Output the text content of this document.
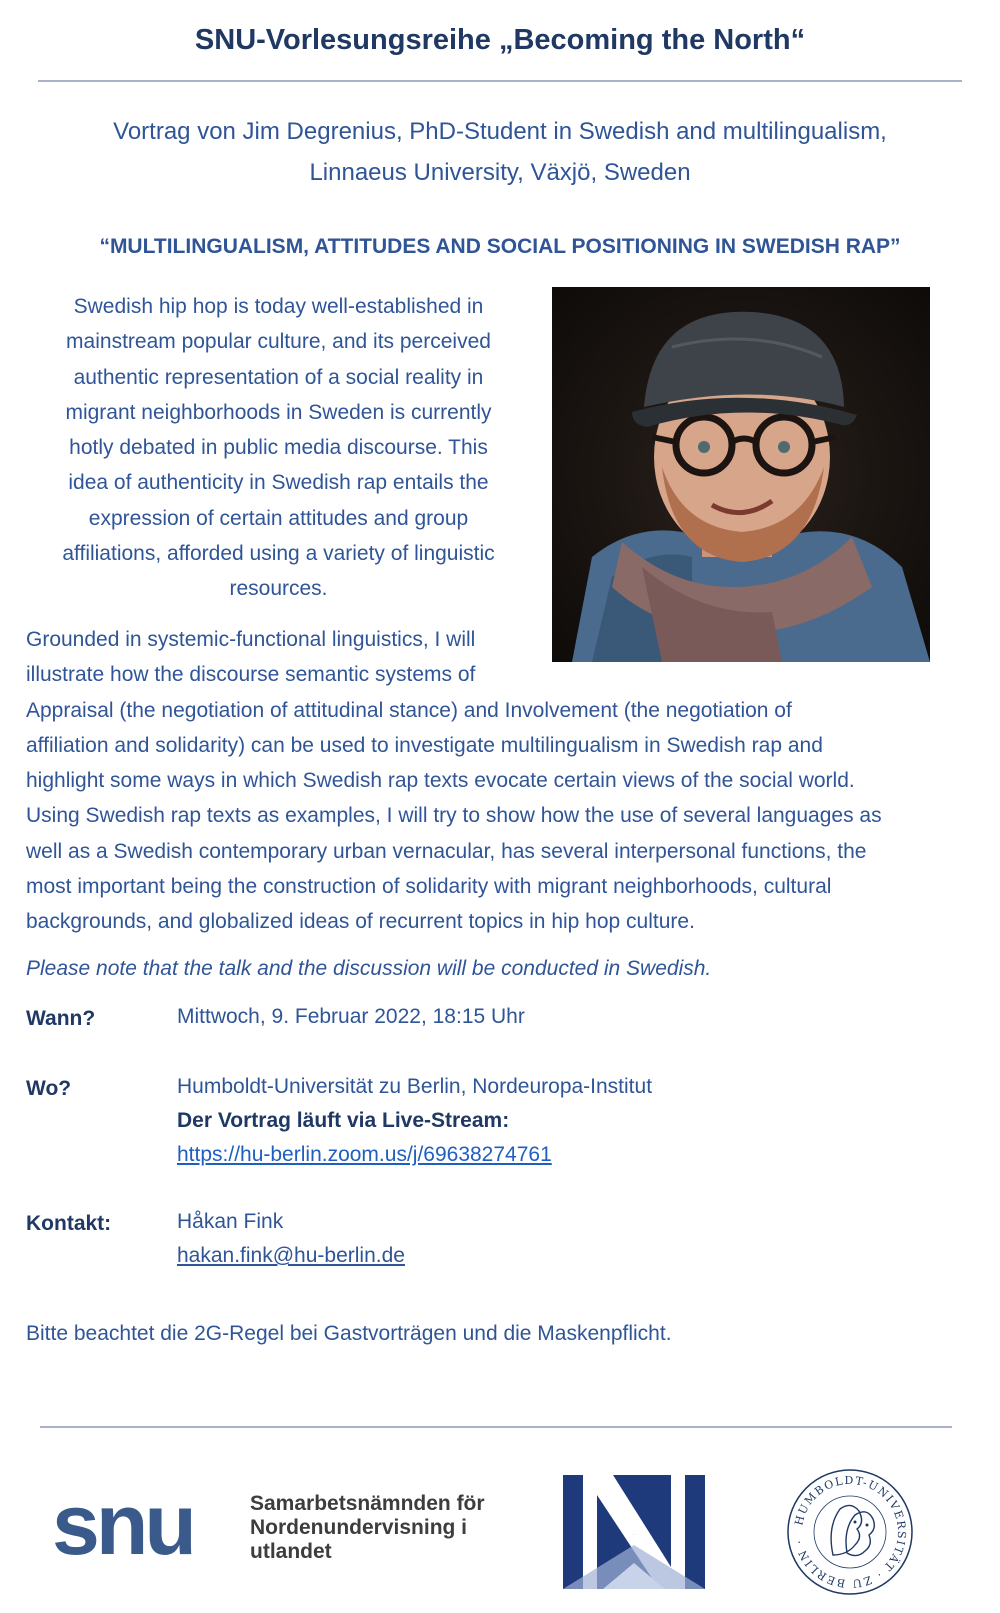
SNU-Vorlesungsreihe „Becoming the North“
Vortrag von Jim Degrenius, PhD-Student in Swedish and multilingualism,
Linnaeus University, Växjö, Sweden
“MULTILINGUALISM, ATTITUDES AND SOCIAL POSITIONING IN SWEDISH RAP”
Swedish hip hop is today well-established in
mainstream popular culture, and its perceived
authentic representation of a social reality in
migrant neighborhoods in Sweden is currently
hotly debated in public media discourse. This
idea of authenticity in Swedish rap entails the
expression of certain attitudes and group
affiliations, afforded using a variety of linguistic
resources.
Grounded in systemic-functional linguistics, I will
illustrate how the discourse semantic systems of
Appraisal (the negotiation of attitudinal stance) and Involvement (the negotiation of
affiliation and solidarity) can be used to investigate multilingualism in Swedish rap and
highlight some ways in which Swedish rap texts evocate certain views of the social world.
Using Swedish rap texts as examples, I will try to show how the use of several languages as
well as a Swedish contemporary urban vernacular, has several interpersonal functions, the
most important being the construction of solidarity with migrant neighborhoods, cultural
backgrounds, and globalized ideas of recurrent topics in hip hop culture.
Please note that the talk and the discussion will be conducted in Swedish.
Wann?	Mittwoch, 9. Februar 2022, 18:15 Uhr
Wo?	Humboldt-Universität zu Berlin, Nordeuropa-Institut
Der Vortrag läuft via Live-Stream:
https://hu-berlin.zoom.us/j/69638274761
Kontakt:	Håkan Fink
hakan.fink@hu-berlin.de
Bitte beachtet die 2G-Regel bei Gastvorträgen und die Maskenpflicht.
snu	Samarbetsnämnden för
Nordenundervisning i
utlandet
NI
HUMBOLDT-UNIVERSITÄT · ZU BERLIN ·
